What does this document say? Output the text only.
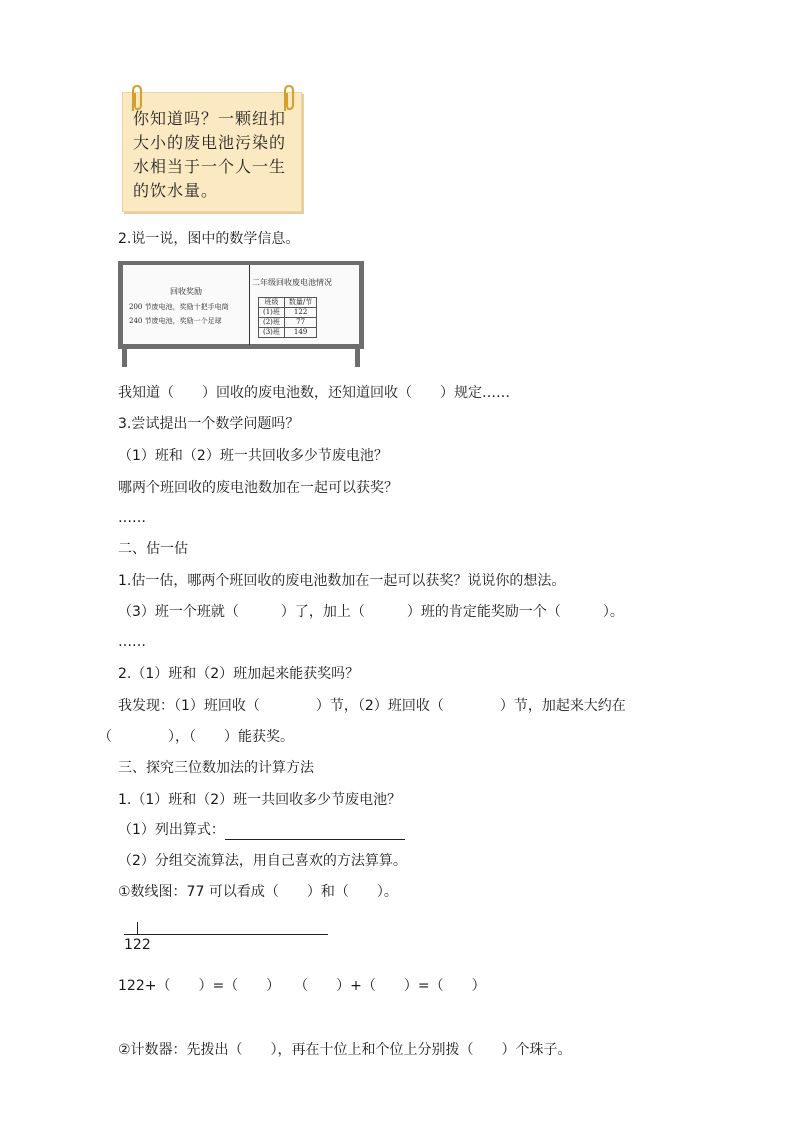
你知道吗？一颗纽扣大小的废电池污染的水相当于一个人一生的饮水量。
2.说一说，图中的数学信息。
回收奖励
200 节废电池，奖励十把手电筒
240 节废电池，奖励一个足球
二年级回收废电池情况
班级	数量/节
(1)班	122
(2)班	77
(3)班	149
我知道（　　）回收的废电池数，还知道回收（　　）规定……
3.尝试提出一个数学问题吗？
（1）班和（2）班一共回收多少节废电池？
哪两个班回收的废电池数加在一起可以获奖？
……
二、估一估
1.估一估，哪两个班回收的废电池数加在一起可以获奖？说说你的想法。
（3）班一个班就（　　　）了，加上（　　　）班的肯定能奖励一个（　　　）。
……
2.（1）班和（2）班加起来能获奖吗？
我发现：（1）班回收（　　　　）节，（2）班回收（　　　　）节，加起来大约在
（　　　　），（　　）能获奖。
三、探究三位数加法的计算方法
1.（1）班和（2）班一共回收多少节废电池？
（1）列出算式：
（2）分组交流算法，用自己喜欢的方法算算。
①数线图：77 可以看成（　　）和（　　）。
122
122+（　　）=（　　）　　（　　）+（　　）=（　　）
②计数器：先拨出（　　），再在十位上和个位上分别拨（　　）个珠子。
